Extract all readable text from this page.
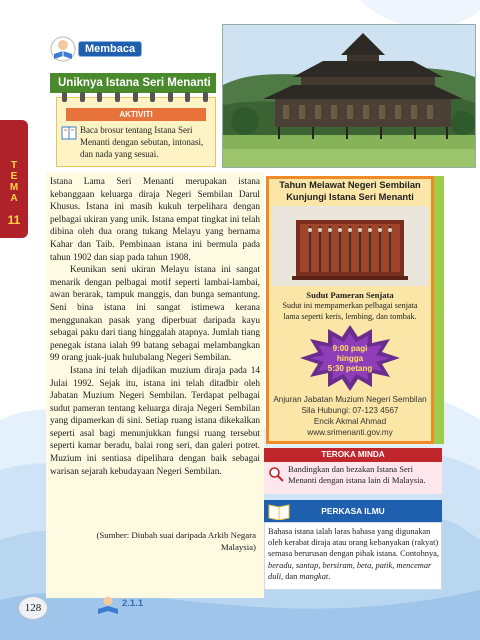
T
E
M
A
11
Membaca
Uniknya Istana Seri Menanti
AKTIVITI
Baca brosur tentang Istana Seri Menanti dengan sebutan, intonasi, dan nada yang sesuai.

Istana Lama Seri Menanti merupakan istana kebanggaan keluarga diraja Negeri Sembilan Darul Khusus. Istana ini masih kukuh terpelihara dengan pelbagai ukiran yang unik. Istana empat tingkat ini telah dibina oleh dua orang tukang Melayu yang bernama Kahar dan Taib. Pembinaan istana ini bermula pada tahun 1902 dan siap pada tahun 1908.

Keunikan seni ukiran Melayu istana ini sangat menarik dengan pelbagai motif seperti lambai-lambai, awan berarak, tampuk manggis, dan bunga semantung. Seni bina istana ini sangat istimewa kerana menggunakan pasak yang diperbuat daripada kayu sebagai paku dari tiang hinggalah atapnya. Jumlah tiang penegak istana ialah 99 batang sebagai melambangkan 99 orang juak-juak hulubalang Negeri Sembilan.

Istana ini telah dijadikan muzium diraja pada 14 Julai 1992. Sejak itu, istana ini telah ditadbir oleh Jabatan Muzium Negeri Sembilan. Terdapat pelbagai sudut pameran tentang keluarga diraja Negeri Sembilan yang dipamerkan di sini. Setiap ruang istana dikekalkan seperti asal bagi menunjukkan fungsi ruang tersebut seperti kamar beradu, balai rong seri, dan galeri potret. Muzium ini sentiasa dipelihara dengan baik sebagai warisan sejarah kebudayaan Negeri Sembilan.

(Sumber: Diubah suai daripada Arkib Negara Malaysia)
Tahun Melawat Negeri Sembilan
Kunjungi Istana Seri Menanti
Sudut Pameran Senjata
Sudut ini mempamerkan pelbagai senjata lama seperti keris, lembing, dan tombak.
9:00 pagi
hingga
5:30 petang
Anjuran Jabatan Muzium Negeri Sembilan
Sila Hubungi: 07-123 4567
Encik Akmal Ahmad
www.srimenanti.gov.my
TEROKA MINDA
Bandingkan dan bezakan Istana Seri Menanti dengan istana lain di Malaysia.
PERKASA ILMU
Bahasa istana ialah laras bahasa yang digunakan oleh kerabat diraja atau orang kebanyakan (rakyat) semasa berurusan dengan pihak istana. Contohnya, beradu, santap, bersiram, beta, patik, mencemar duli, dan mangkat.
128	2.1.1
